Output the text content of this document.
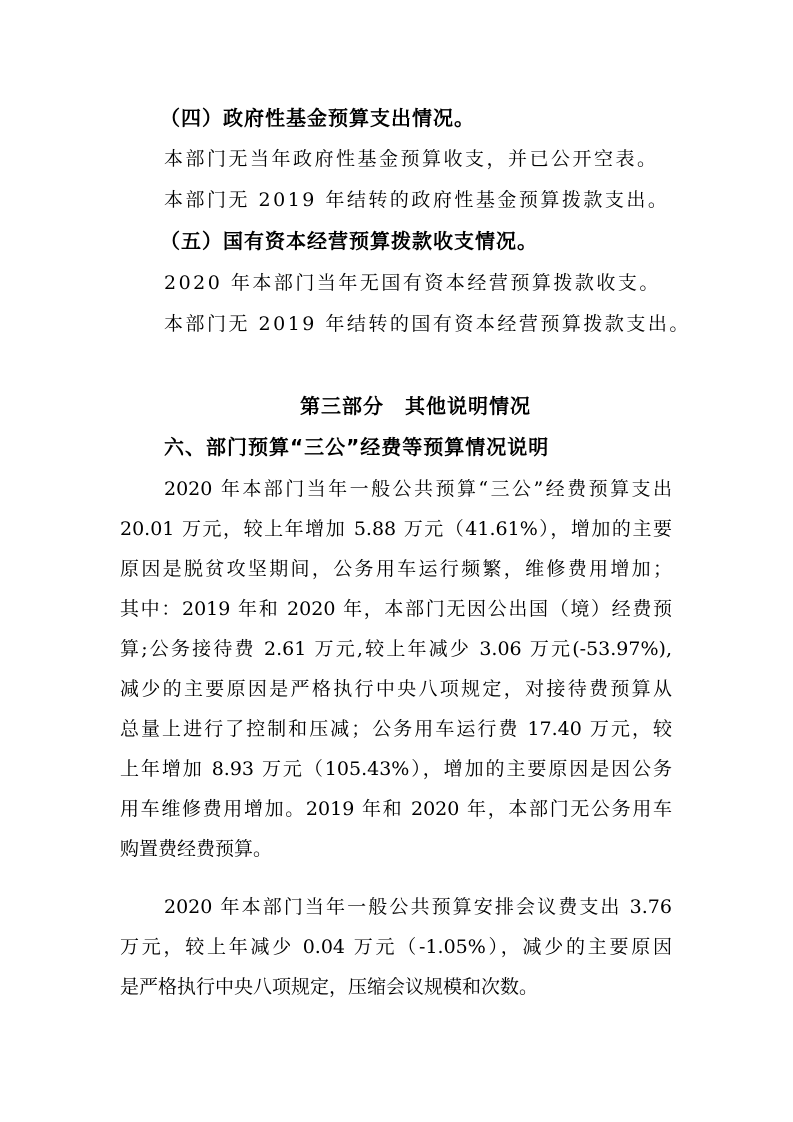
（四）政府性基金预算支出情况。
本部门无当年政府性基金预算收支，并已公开空表。
本部门无 2019 年结转的政府性基金预算拨款支出。
（五）国有资本经营预算拨款收支情况。
2020 年本部门当年无国有资本经营预算拨款收支。
本部门无 2019 年结转的国有资本经营预算拨款支出。
第三部分　其他说明情况
六、部门预算“三公”经费等预算情况说明
2020 年本部门当年一般公共预算“三公”经费预算支出
20.01 万元，较上年增加 5.88 万元（41.61%），增加的主要
原因是脱贫攻坚期间，公务用车运行频繁，维修费用增加；
其中：2019 年和 2020 年，本部门无因公出国（境）经费预
算;公务接待费 2.61 万元,较上年减少 3.06 万元(-53.97%),
减少的主要原因是严格执行中央八项规定，对接待费预算从
总量上进行了控制和压减；公务用车运行费 17.40 万元，较
上年增加 8.93 万元（105.43%），增加的主要原因是因公务
用车维修费用增加。2019 年和 2020 年，本部门无公务用车
购置费经费预算。
2020 年本部门当年一般公共预算安排会议费支出 3.76
万元，较上年减少 0.04 万元（-1.05%），减少的主要原因
是严格执行中央八项规定，压缩会议规模和次数。
